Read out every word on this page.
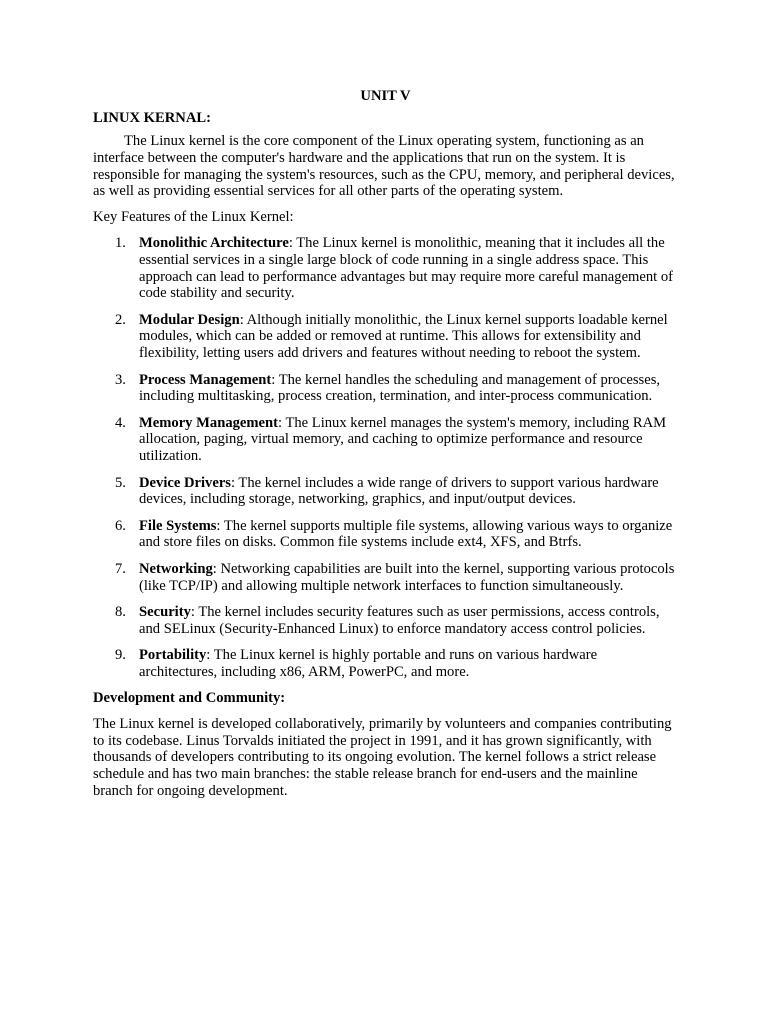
UNIT V
LINUX KERNAL:

The Linux kernel is the core component of the Linux operating system, functioning as an interface between the computer's hardware and the applications that run on the system. It is responsible for managing the system's resources, such as the CPU, memory, and peripheral devices, as well as providing essential services for all other parts of the operating system.

Key Features of the Linux Kernel:

1. Monolithic Architecture: The Linux kernel is monolithic, meaning that it includes all the essential services in a single large block of code running in a single address space. This approach can lead to performance advantages but may require more careful management of code stability and security.
2. Modular Design: Although initially monolithic, the Linux kernel supports loadable kernel modules, which can be added or removed at runtime. This allows for extensibility and flexibility, letting users add drivers and features without needing to reboot the system.
3. Process Management: The kernel handles the scheduling and management of processes, including multitasking, process creation, termination, and inter-process communication.
4. Memory Management: The Linux kernel manages the system's memory, including RAM allocation, paging, virtual memory, and caching to optimize performance and resource utilization.
5. Device Drivers: The kernel includes a wide range of drivers to support various hardware devices, including storage, networking, graphics, and input/output devices.
6. File Systems: The kernel supports multiple file systems, allowing various ways to organize and store files on disks. Common file systems include ext4, XFS, and Btrfs.
7. Networking: Networking capabilities are built into the kernel, supporting various protocols (like TCP/IP) and allowing multiple network interfaces to function simultaneously.
8. Security: The kernel includes security features such as user permissions, access controls, and SELinux (Security-Enhanced Linux) to enforce mandatory access control policies.
9. Portability: The Linux kernel is highly portable and runs on various hardware architectures, including x86, ARM, PowerPC, and more.

Development and Community:

The Linux kernel is developed collaboratively, primarily by volunteers and companies contributing to its codebase. Linus Torvalds initiated the project in 1991, and it has grown significantly, with thousands of developers contributing to its ongoing evolution. The kernel follows a strict release schedule and has two main branches: the stable release branch for end-users and the mainline branch for ongoing development.
